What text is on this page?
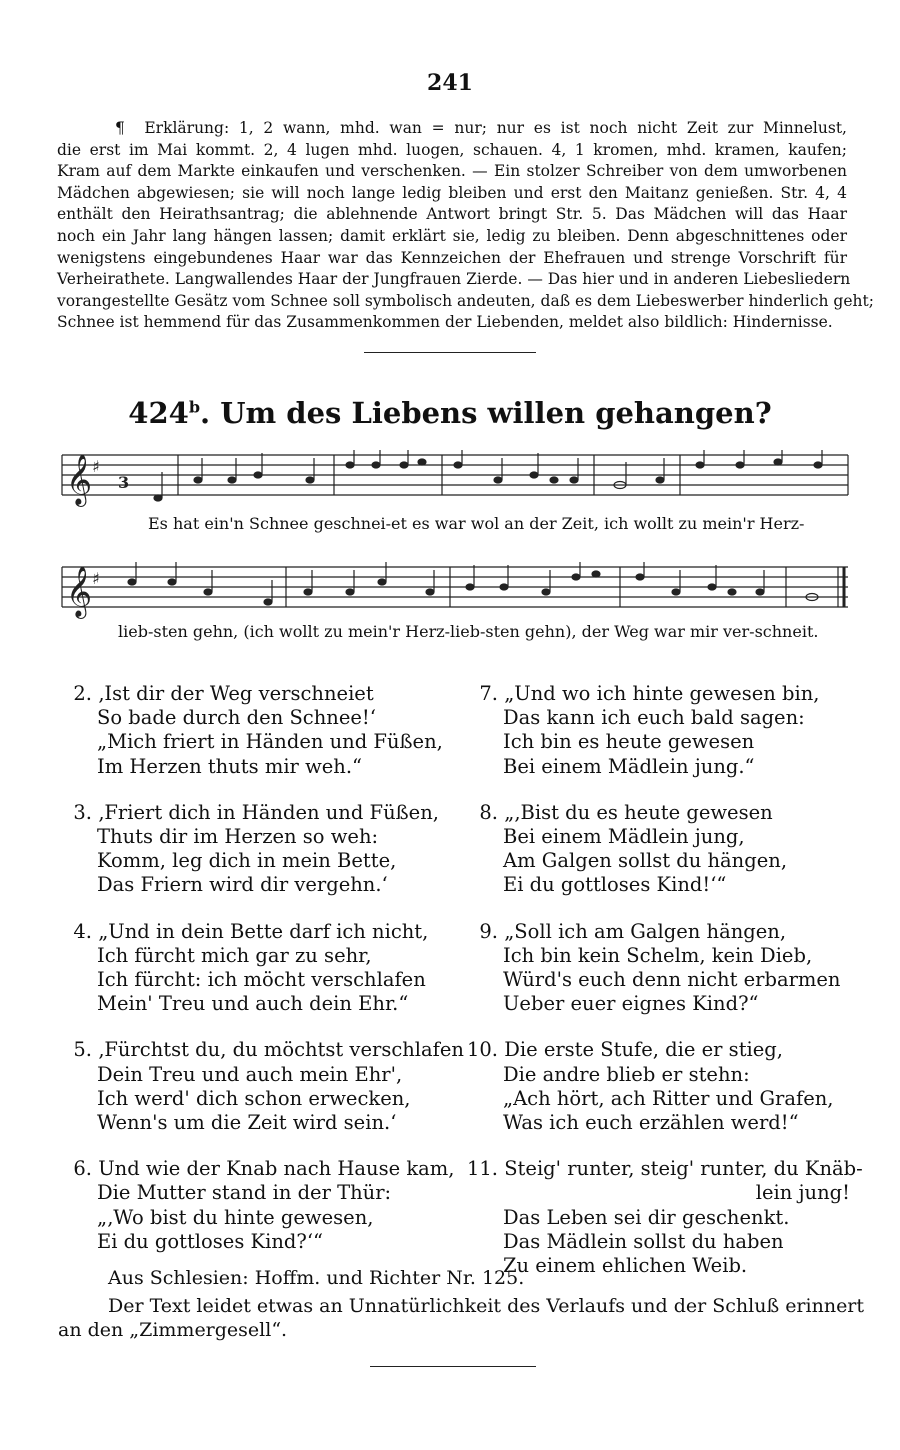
241
¶ Erklärung: 1, 2 wann, mhd. wan = nur; nur es ist noch nicht Zeit zur Minnelust,
die erst im Mai kommt. 2, 4 lugen mhd. luogen, schauen. 4, 1 kromen, mhd. kramen, kaufen;
Kram auf dem Markte einkaufen und verschenken. — Ein stolzer Schreiber von dem umworbenen
Mädchen abgewiesen; sie will noch lange ledig bleiben und erst den Maitanz genießen. Str. 4, 4
enthält den Heirathsantrag; die ablehnende Antwort bringt Str. 5. Das Mädchen will das Haar
noch ein Jahr lang hängen lassen; damit erklärt sie, ledig zu bleiben. Denn abgeschnittenes oder
wenigstens eingebundenes Haar war das Kennzeichen der Ehefrauen und strenge Vorschrift für
Verheirathete. Langwallendes Haar der Jungfrauen Zierde. — Das hier und in anderen Liebesliedern
vorangestellte Gesätz vom Schnee soll symbolisch andeuten, daß es dem Liebeswerber hinderlich geht;
Schnee ist hemmend für das Zusammenkommen der Liebenden, meldet also bildlich: Hindernisse.
424$^b$. Um des Liebens willen gehangen?
𝄞 ♯
3
Es hat ein'n Schnee geschnei-et es war wol an der Zeit, ich wollt zu mein'r Herz-
𝄞 ♯
lieb-sten gehn, (ich wollt zu mein'r Herz-lieb-sten gehn), der Weg war mir ver-schneit.
2. ‚Ist dir der Weg verschneiet
So bade durch den Schnee!‘
„Mich friert in Händen und Füßen,
Im Herzen thuts mir weh.“
3. ‚Friert dich in Händen und Füßen,
Thuts dir im Herzen so weh:
Komm, leg dich in mein Bette,
Das Friern wird dir vergehn.‘
4. „Und in dein Bette darf ich nicht,
Ich fürcht mich gar zu sehr,
Ich fürcht: ich möcht verschlafen
Mein' Treu und auch dein Ehr.“
5. ‚Fürchtst du, du möchtst verschlafen
Dein Treu und auch mein Ehr',
Ich werd' dich schon erwecken,
Wenn's um die Zeit wird sein.‘
6. Und wie der Knab nach Hause kam,
Die Mutter stand in der Thür:
„‚Wo bist du hinte gewesen,
Ei du gottloses Kind?‘“
7. „Und wo ich hinte gewesen bin,
Das kann ich euch bald sagen:
Ich bin es heute gewesen
Bei einem Mädlein jung.“
8. „‚Bist du es heute gewesen
Bei einem Mädlein jung,
Am Galgen sollst du hängen,
Ei du gottloses Kind!‘“
9. „Soll ich am Galgen hängen,
Ich bin kein Schelm, kein Dieb,
Würd's euch denn nicht erbarmen
Ueber euer eignes Kind?“
10. Die erste Stufe, die er stieg,
Die andre blieb er stehn:
„Ach hört, ach Ritter und Grafen,
Was ich euch erzählen werd!“
11. Steig' runter, steig' runter, du Knäb-
lein jung!
Das Leben sei dir geschenkt.
Das Mädlein sollst du haben
Zu einem ehlichen Weib.
Aus Schlesien: Hoffm. und Richter Nr. 125.
Der Text leidet etwas an Unnatürlichkeit des Verlaufs und der Schluß erinnert
an den „Zimmergesell“.
